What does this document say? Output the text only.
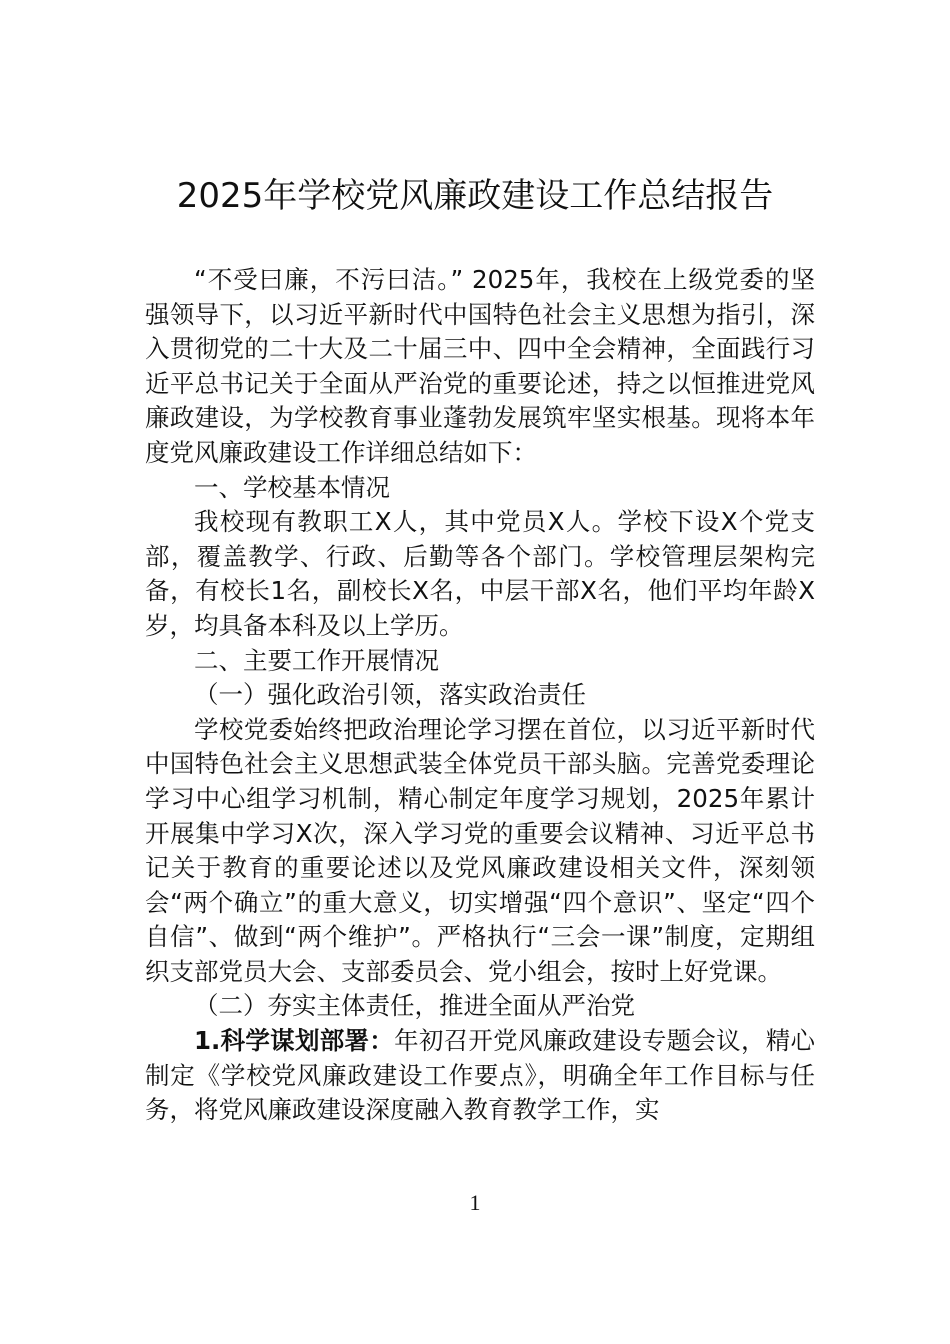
2025年学校党风廉政建设工作总结报告

“不受曰廉，不污曰洁。” 2025年，我校在上级党委的坚强领导下，以习近平新时代中国特色社会主义思想为指引，深入贯彻党的二十大及二十届三中、四中全会精神，全面践行习近平总书记关于全面从严治党的重要论述，持之以恒推进党风廉政建设，为学校教育事业蓬勃发展筑牢坚实根基。现将本年度党风廉政建设工作详细总结如下：

一、学校基本情况

我校现有教职工X人，其中党员X人。学校下设X个党支部，覆盖教学、行政、后勤等各个部门。学校管理层架构完备，有校长1名，副校长X名，中层干部X名，他们平均年龄X岁，均具备本科及以上学历。

二、主要工作开展情况

（一）强化政治引领，落实政治责任

学校党委始终把政治理论学习摆在首位，以习近平新时代中国特色社会主义思想武装全体党员干部头脑。完善党委理论学习中心组学习机制，精心制定年度学习规划，2025年累计开展集中学习X次，深入学习党的重要会议精神、习近平总书记关于教育的重要论述以及党风廉政建设相关文件，深刻领会“两个确立”的重大意义，切实增强“四个意识”、坚定“四个自信”、做到“两个维护”。严格执行“三会一课”制度，定期组织支部党员大会、支部委员会、党小组会，按时上好党课。

（二）夯实主体责任，推进全面从严治党

1.科学谋划部署：年初召开党风廉政建设专题会议，精心制定《学校党风廉政建设工作要点》，明确全年工作目标与任务，将党风廉政建设深度融入教育教学工作，实

1
